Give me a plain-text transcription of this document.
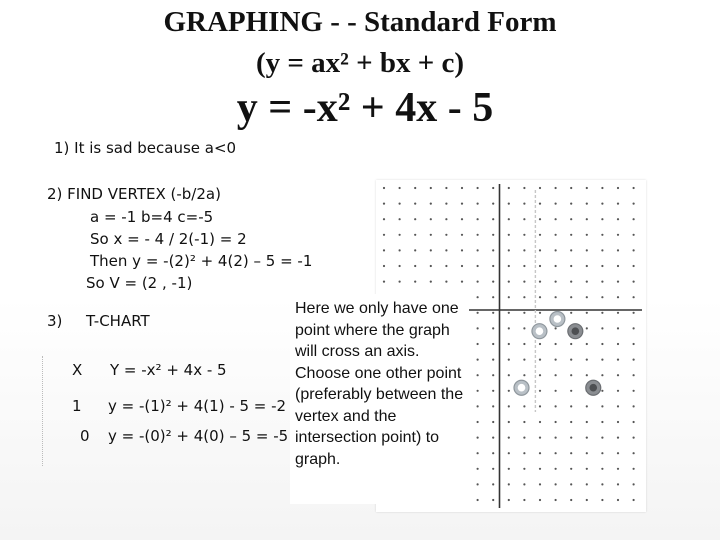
GRAPHING - - Standard Form
(y = ax² + bx + c)
y = -x² + 4x - 5
1) It is sad because a<0
2) FIND VERTEX (-b/2a)
a = -1 b=4 c=-5
So x = - 4 / 2(-1) = 2
Then y = -(2)² + 4(2) – 5 = -1
So V = (2 , -1)
3) T-CHART
X Y = -x² + 4x - 5
1 y = -(1)² + 4(1) - 5 = -2
0 y = -(0)² + 4(0) – 5 = -5
Here we only have one point where the graph will cross an axis. Choose one other point (preferably between the vertex and the intersection point) to graph.
